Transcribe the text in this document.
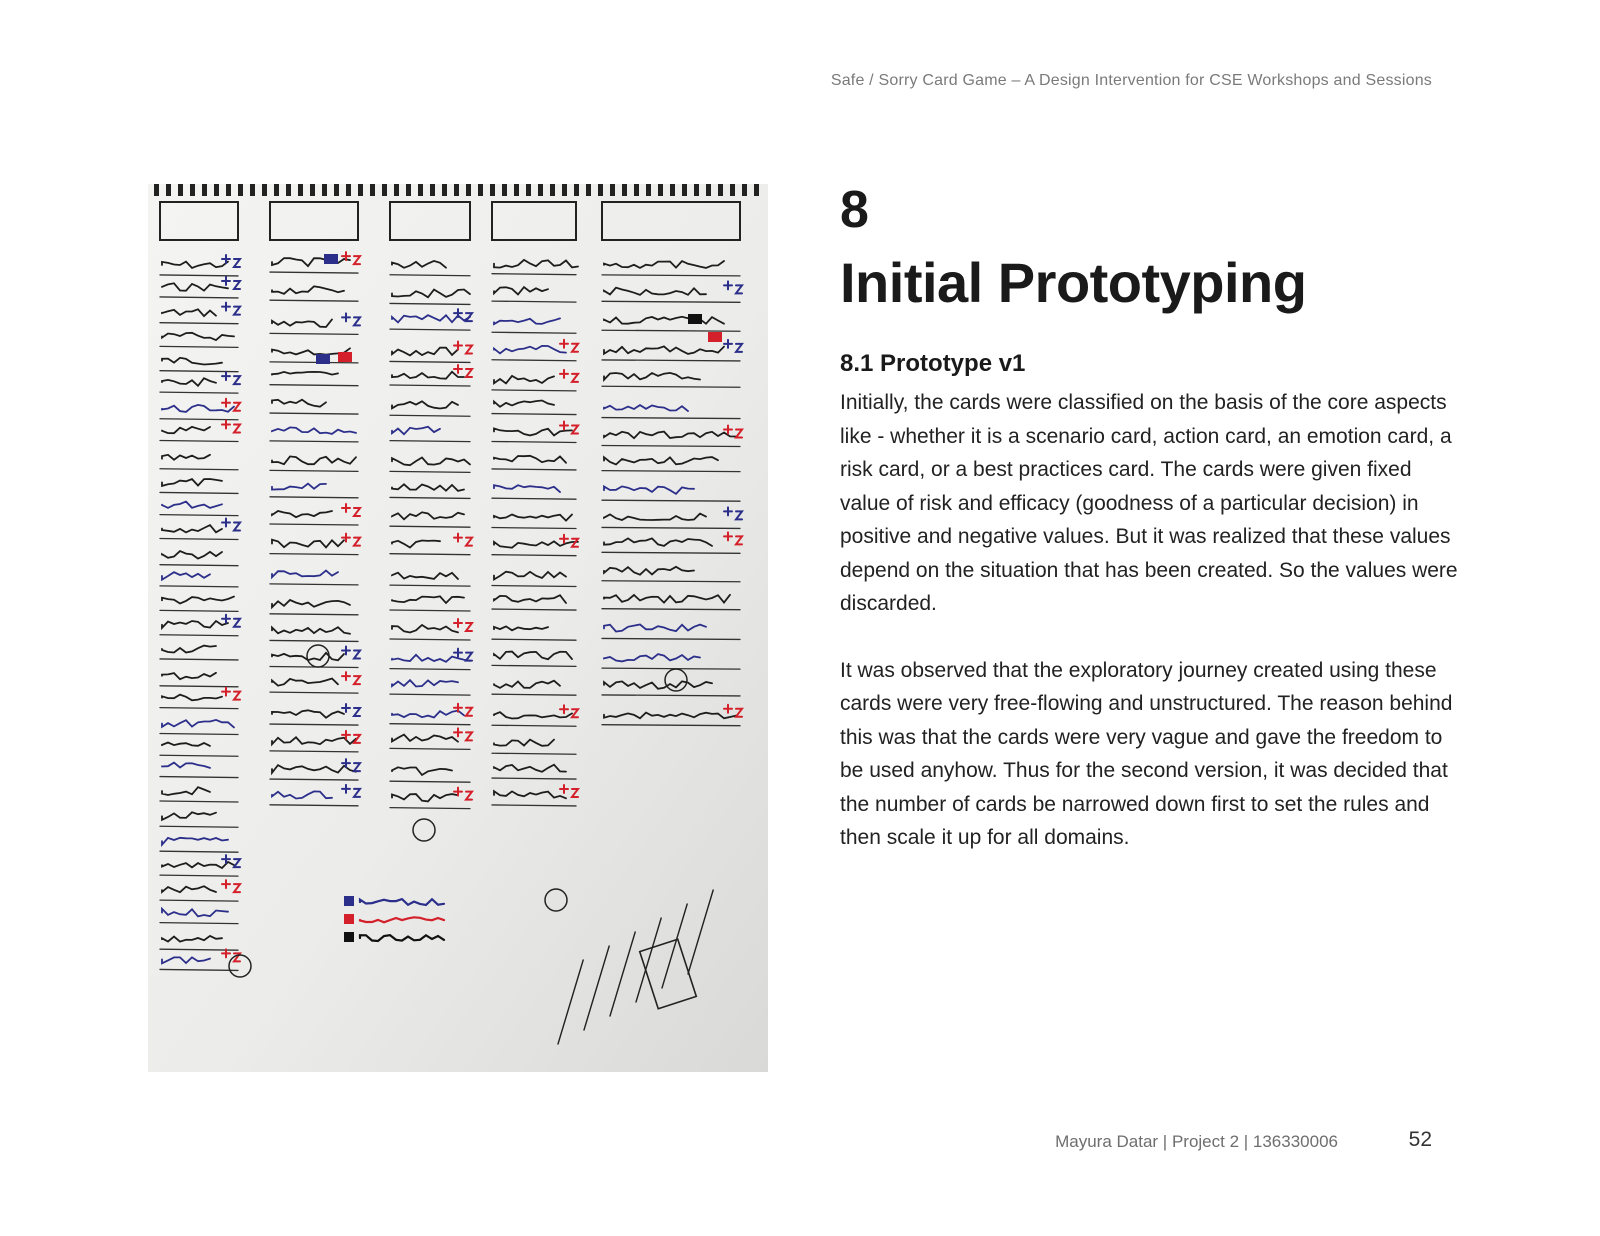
Safe / Sorry Card Game – A Design Intervention for CSE Workshops and Sessions
8
Initial Prototyping
8.1 Prototype v1

Initially, the cards were classified on the basis of the core aspects like - whether it is a scenario card, action card, an emotion card, a risk card, or a best practices card. The cards were given fixed value of risk and efficacy (goodness of a particular decision) in positive and negative values. But it was realized that these values depend on the situation that has been created. So the values were discarded.

It was observed that the exploratory journey created using these cards were very free-flowing and unstructured. The reason behind this was that the cards were very vague and gave the freedom to be used anyhow. Thus for the second version, it was decided that the number of cards be narrowed down first to set the rules and then scale it up for all domains.

Mayura Datar | Project 2 | 136330006	52
